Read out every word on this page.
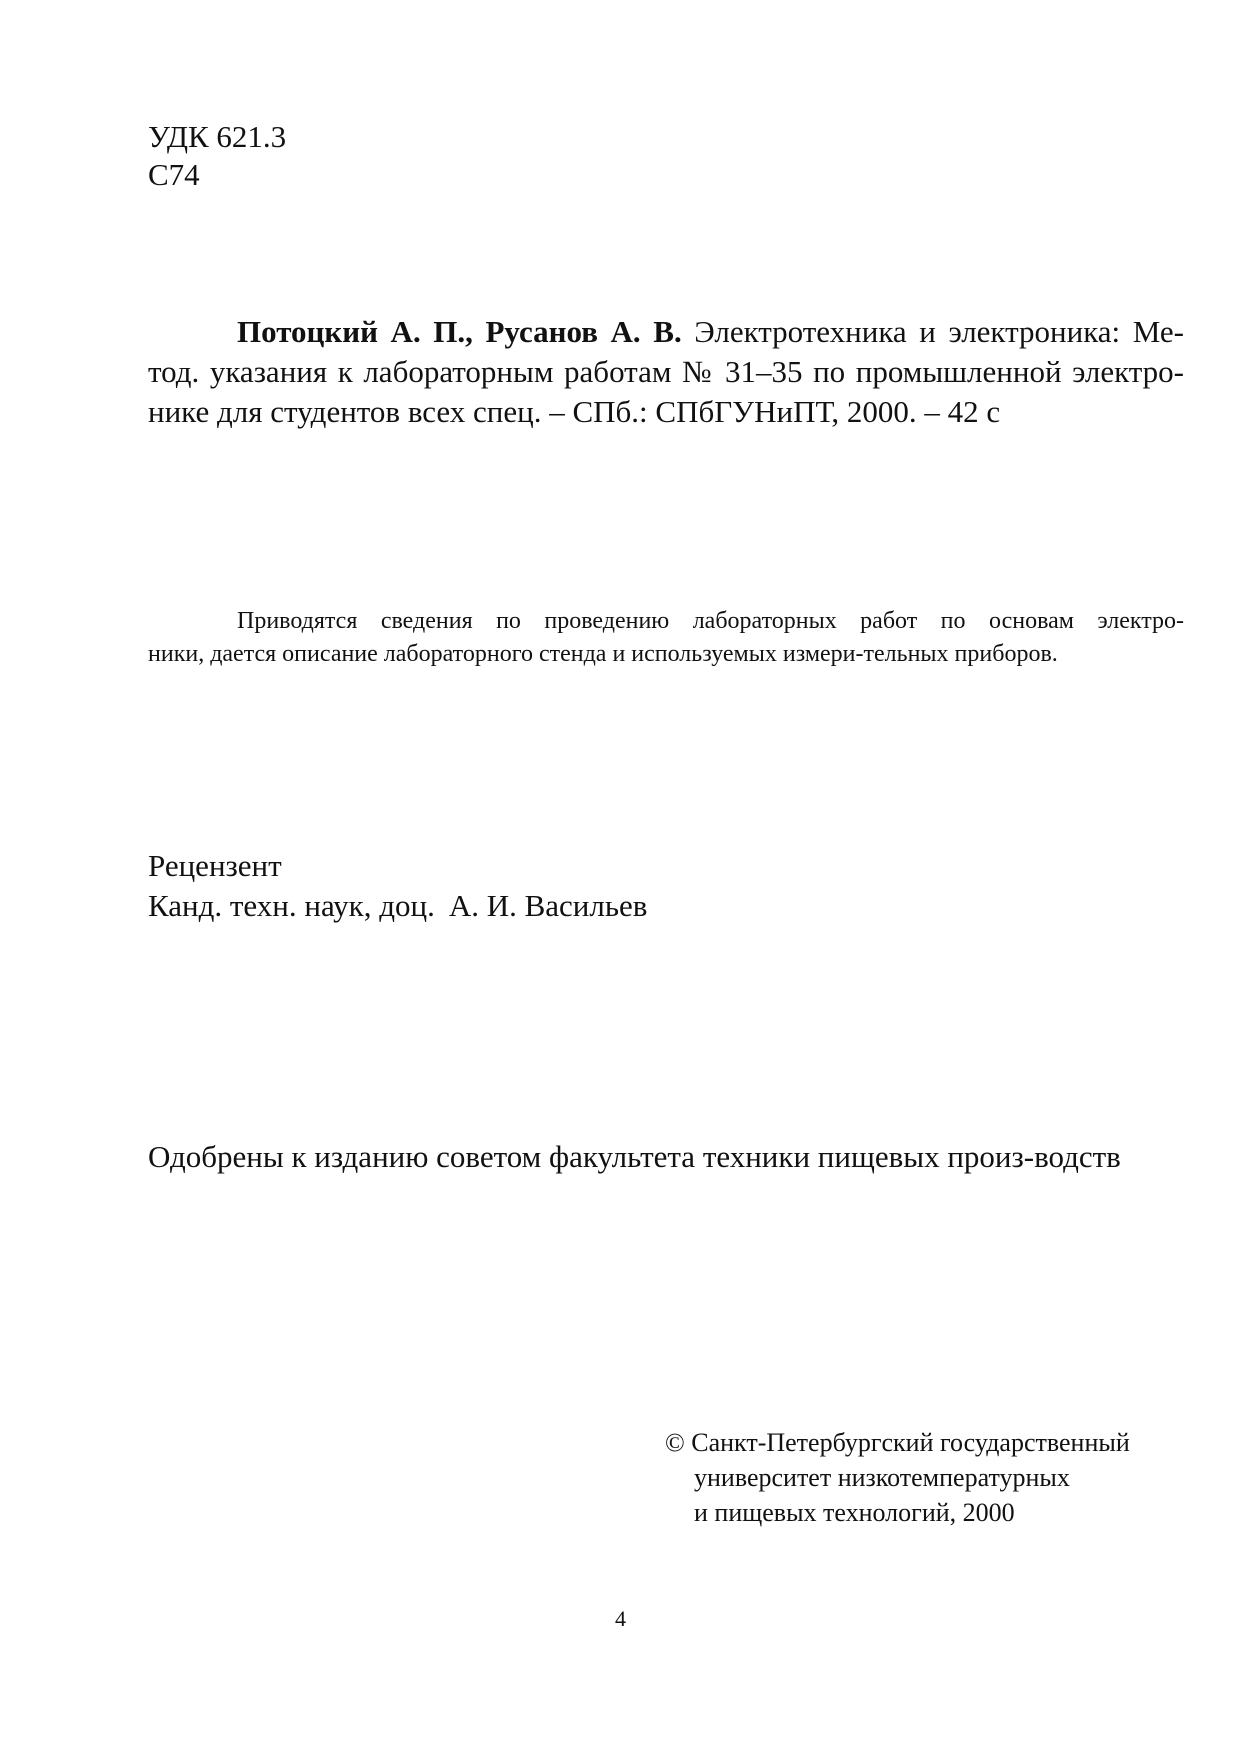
УДК 621.3
С74
Потоцкий А. П., Русанов А. В. Электротехника и электроника: Ме-
тод. указания к лабораторным работам № 31–35 по промышленной электро-
нике для студентов всех спец. – СПб.: СПбГУНиПТ, 2000. – 42 с
Приводятся сведения по проведению лабораторных работ по основам электро-
ники, дается описание лабораторного стенда и используемых измери-тельных приборов.
Рецензент
Канд. техн. наук, доц. А. И. Васильев
Одобрены к изданию советом факультета техники пищевых произ-водств
© Санкт-Петербургский государственный
университет низкотемпературных
и пищевых технологий, 2000
4
